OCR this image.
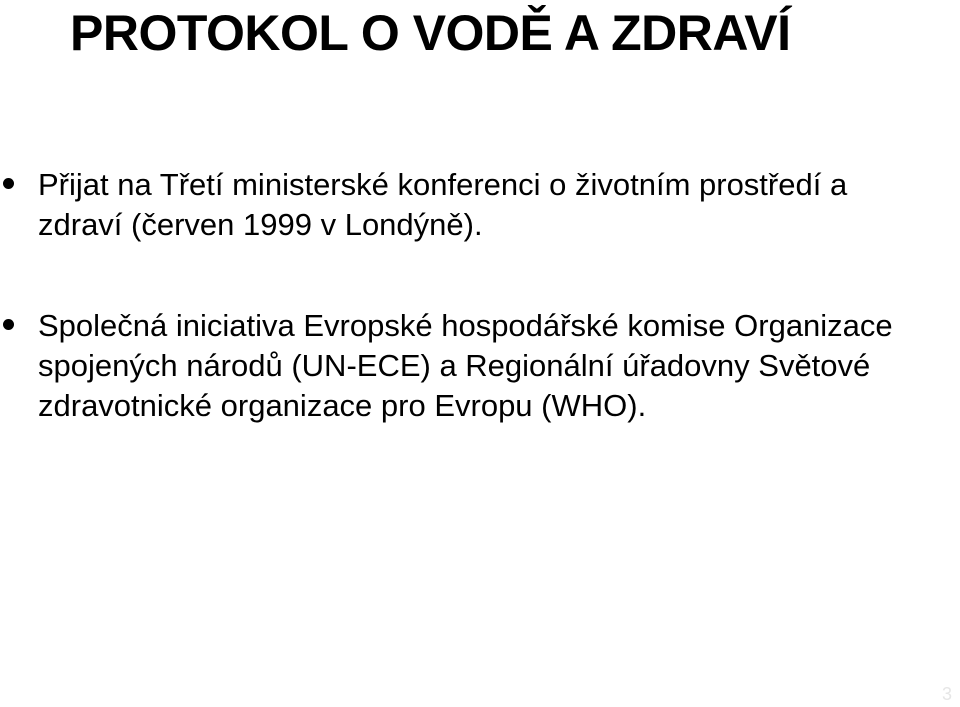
PROTOKOL O VODĚ A ZDRAVÍ
Přijat na Třetí ministerské konferenci o životním prostředí a zdraví (červen 1999 v Londýně).
Společná iniciativa Evropské hospodářské komise Organizace spojených národů (UN-ECE) a Regionální úřadovny Světové zdravotnické organizace pro Evropu (WHO).
3
